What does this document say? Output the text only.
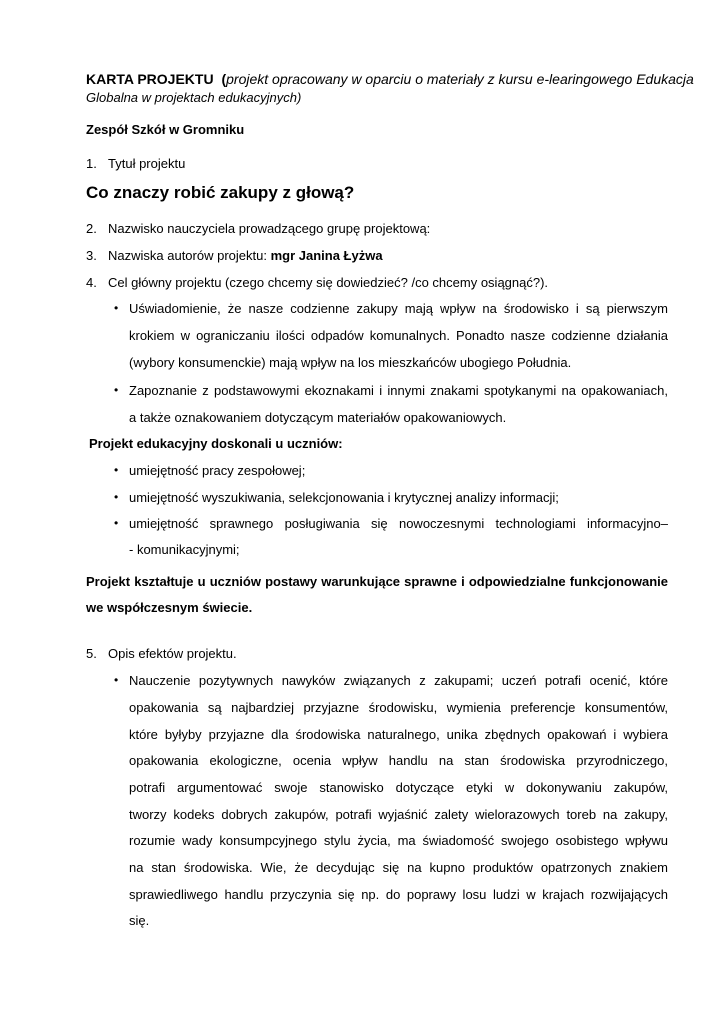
KARTA PROJEKTU (projekt opracowany w oparciu o materiały z kursu e-learingowego Edukacja
Globalna w projektach edukacyjnych)
Zespół Szkół w Gromniku
1. Tytuł projektu
Co znaczy robić zakupy z głową?
2. Nazwisko nauczyciela prowadzącego grupę projektową:
3. Nazwiska autorów projektu: mgr Janina Łyżwa
4. Cel główny projektu (czego chcemy się dowiedzieć? /co chcemy osiągnąć?).
• Uświadomienie, że nasze codzienne zakupy mają wpływ na środowisko i są pierwszym
krokiem w ograniczaniu ilości odpadów komunalnych. Ponadto nasze codzienne działania
(wybory konsumenckie) mają wpływ na los mieszkańców ubogiego Południa.
• Zapoznanie z podstawowymi ekoznakami i innymi znakami spotykanymi na opakowaniach,
a także oznakowaniem dotyczącym materiałów opakowaniowych.
Projekt edukacyjny doskonali u uczniów:
• umiejętność pracy zespołowej;
• umiejętność wyszukiwania, selekcjonowania i krytycznej analizy informacji;
• umiejętność sprawnego posługiwania się nowoczesnymi technologiami informacyjno–
- komunikacyjnymi;
Projekt kształtuje u uczniów postawy warunkujące sprawne i odpowiedzialne funkcjonowanie
we współczesnym świecie.
5. Opis efektów projektu.
• Nauczenie pozytywnych nawyków związanych z zakupami; uczeń potrafi ocenić, które
opakowania są najbardziej przyjazne środowisku, wymienia preferencje konsumentów,
które byłyby przyjazne dla środowiska naturalnego, unika zbędnych opakowań i wybiera
opakowania ekologiczne, ocenia wpływ handlu na stan środowiska przyrodniczego,
potrafi argumentować swoje stanowisko dotyczące etyki w dokonywaniu zakupów,
tworzy kodeks dobrych zakupów, potrafi wyjaśnić zalety wielorazowych toreb na zakupy,
rozumie wady konsumpcyjnego stylu życia, ma świadomość swojego osobistego wpływu
na stan środowiska. Wie, że decydując się na kupno produktów opatrzonych znakiem
sprawiedliwego handlu przyczynia się np. do poprawy losu ludzi w krajach rozwijających
się.
